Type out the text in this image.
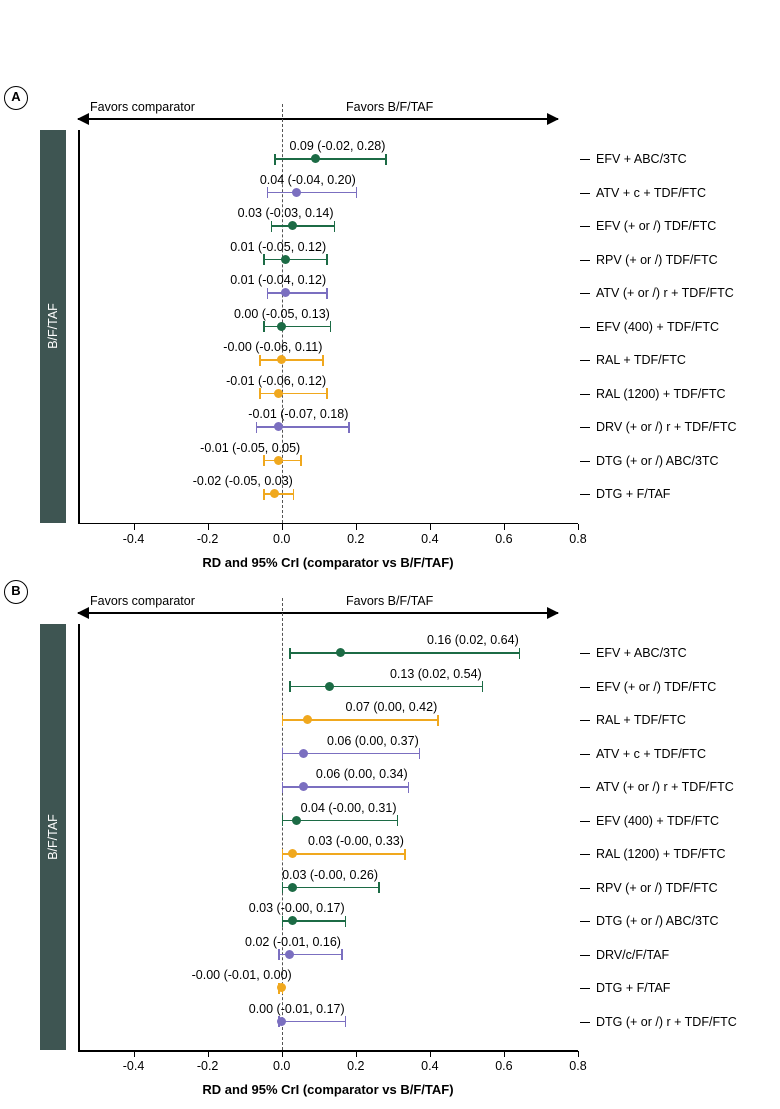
A
Favors comparator	Favors B/F/TAF
B/F/TAF
-0.4	-0.2	0.0	0.2	0.4	0.6	0.8
RD and 95% CrI (comparator vs B/F/TAF)
0.09 (-0.02, 0.28)
EFV + ABC/3TC
0.04 (-0.04, 0.20)
ATV + c + TDF/FTC
0.03 (-0.03, 0.14)
EFV (+ or /) TDF/FTC
0.01 (-0.05, 0.12)
RPV (+ or /) TDF/FTC
0.01 (-0.04, 0.12)
ATV (+ or /) r + TDF/FTC
0.00 (-0.05, 0.13)
EFV (400) + TDF/FTC
-0.00 (-0.06, 0.11)
RAL + TDF/FTC
-0.01 (-0.06, 0.12)
RAL (1200) + TDF/FTC
-0.01 (-0.07, 0.18)
DRV (+ or /) r + TDF/FTC
-0.01 (-0.05, 0.05)
DTG (+ or /) ABC/3TC
-0.02 (-0.05, 0.03)
DTG + F/TAF
B
Favors comparator	Favors B/F/TAF
B/F/TAF
-0.4	-0.2	0.0	0.2	0.4	0.6	0.8
RD and 95% CrI (comparator vs B/F/TAF)
0.16 (0.02, 0.64)
EFV + ABC/3TC
0.13 (0.02, 0.54)
EFV (+ or /) TDF/FTC
0.07 (0.00, 0.42)
RAL + TDF/FTC
0.06 (0.00, 0.37)
ATV + c + TDF/FTC
0.06 (0.00, 0.34)
ATV (+ or /) r + TDF/FTC
0.04 (-0.00, 0.31)
EFV (400) + TDF/FTC
0.03 (-0.00, 0.33)
RAL (1200) + TDF/FTC
0.03 (-0.00, 0.26)
RPV (+ or /) TDF/FTC
0.03 (-0.00, 0.17)
DTG (+ or /) ABC/3TC
0.02 (-0.01, 0.16)
DRV/c/F/TAF
-0.00 (-0.01, 0.00)
DTG + F/TAF
0.00 (-0.01, 0.17)
DTG (+ or /) r + TDF/FTC
